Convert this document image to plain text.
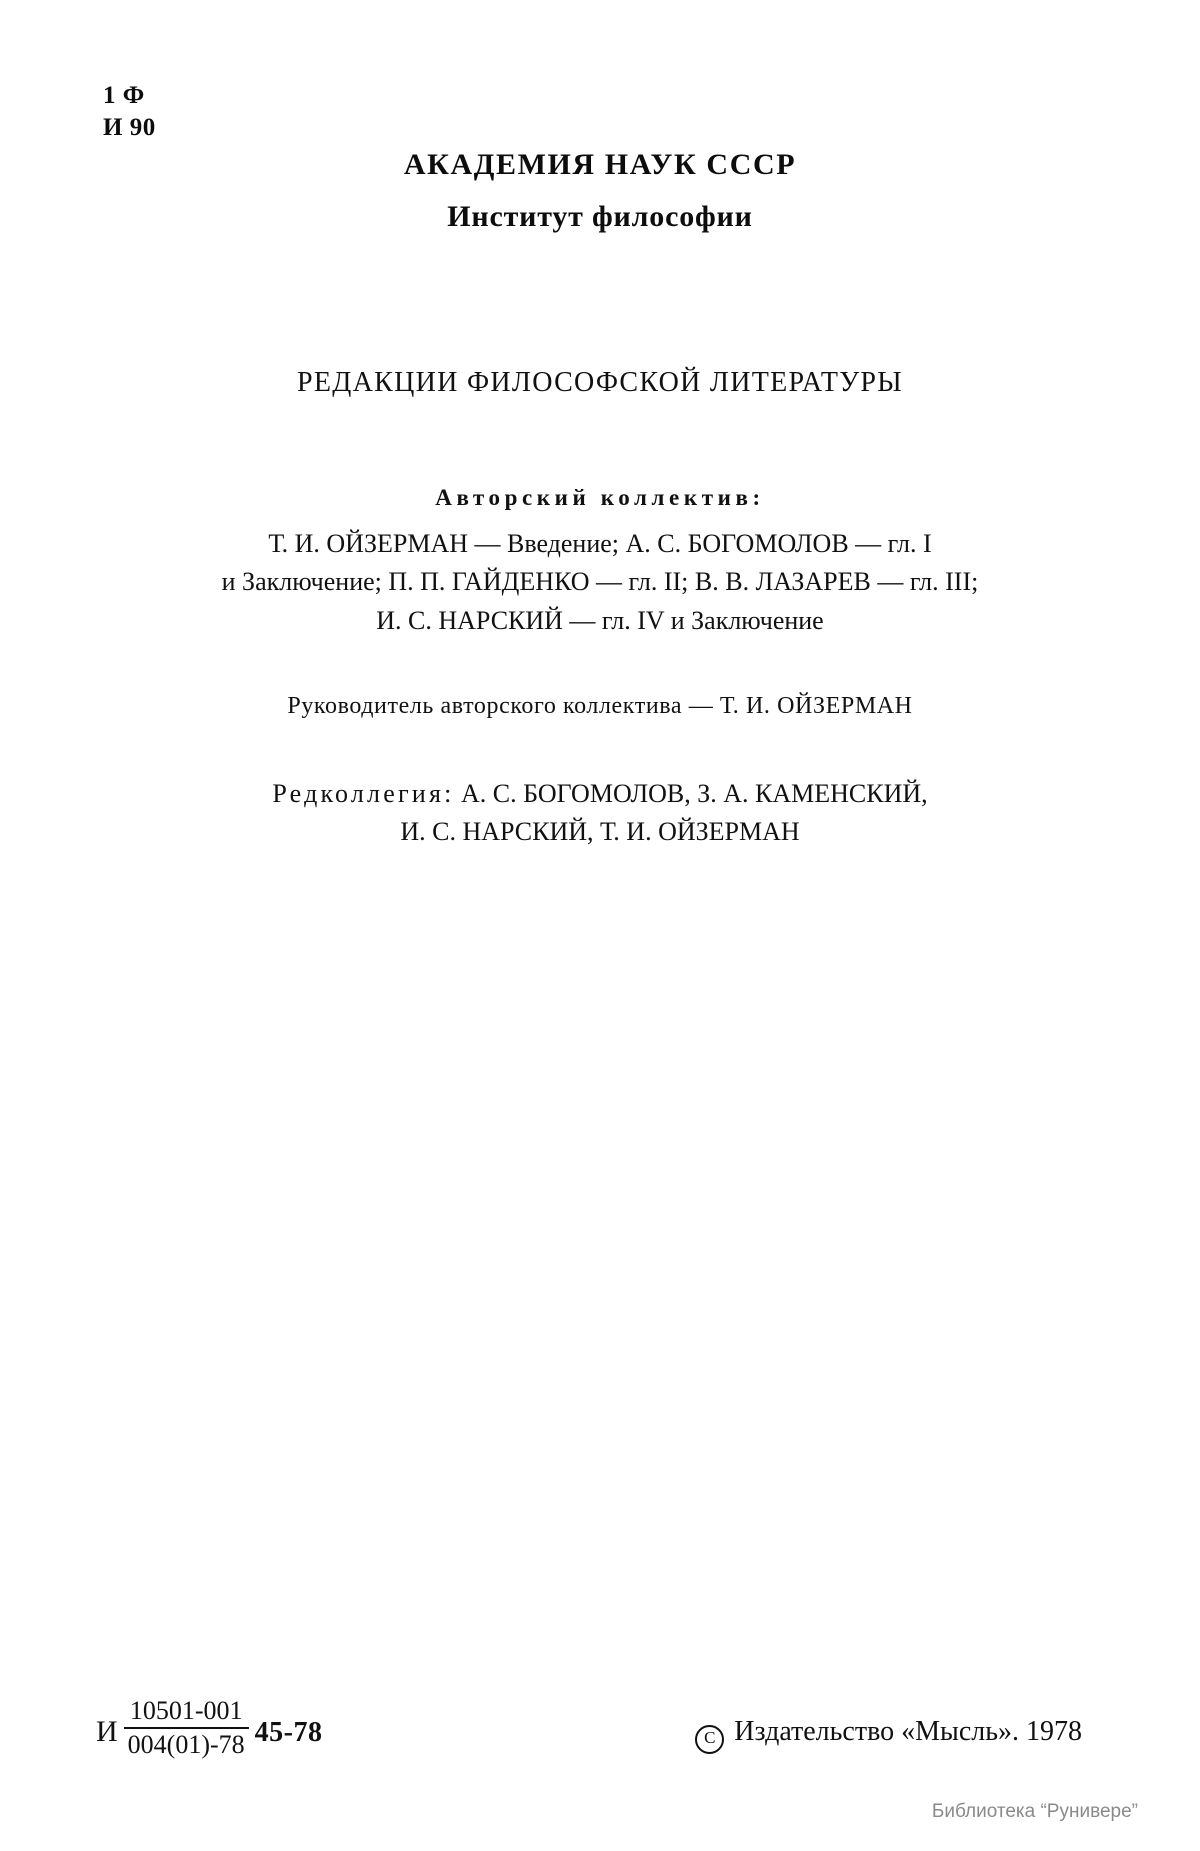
1 Ф
И 90
АКАДЕМИЯ НАУК СССР
Институт философии
РЕДАКЦИИ ФИЛОСОФСКОЙ ЛИТЕРАТУРЫ
Авторский коллектив:
Т. И. ОЙЗЕРМАН — Введение; А. С. БОГОМОЛОВ — гл. I
и Заключение; П. П. ГАЙДЕНКО — гл. II; В. В. ЛАЗАРЕВ — гл. III;
И. С. НАРСКИЙ — гл. IV и Заключение
Руководитель авторского коллектива — Т. И. ОЙЗЕРМАН
Редколлегия: А. С. БОГОМОЛОВ, З. А. КАМЕНСКИЙ,
И. С. НАРСКИЙ, Т. И. ОЙЗЕРМАН
И $\frac{10501-001}{004(01)-78} 45-78$	C Издательство «Мысль». 1978
Библиотека “Рунивере”
